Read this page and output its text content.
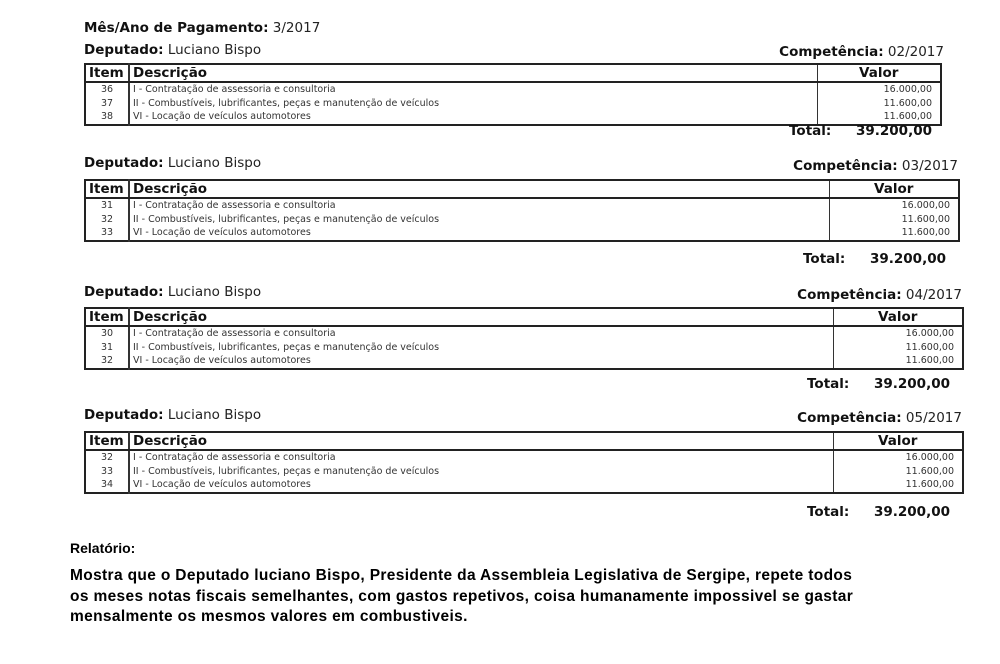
Mês/Ano de Pagamento: 3/2017
Deputado: Luciano Bispo	Competência: 02/2017
Item	Descrição	Valor
36	I - Contratação de assessoria e consultoria	16.000,00
37	II - Combustíveis, lubrificantes, peças e manutenção de veículos	11.600,00
38	VI - Locação de veículos automotores	11.600,00
Total: 39.200,00
Deputado: Luciano Bispo	Competência: 03/2017
Item	Descrição	Valor
31	I - Contratação de assessoria e consultoria	16.000,00
32	II - Combustíveis, lubrificantes, peças e manutenção de veículos	11.600,00
33	VI - Locação de veículos automotores	11.600,00
Total: 39.200,00
Deputado: Luciano Bispo	Competência: 04/2017
Item	Descrição	Valor
30	I - Contratação de assessoria e consultoria	16.000,00
31	II - Combustíveis, lubrificantes, peças e manutenção de veículos	11.600,00
32	VI - Locação de veículos automotores	11.600,00
Total: 39.200,00
Deputado: Luciano Bispo	Competência: 05/2017
Item	Descrição	Valor
32	I - Contratação de assessoria e consultoria	16.000,00
33	II - Combustíveis, lubrificantes, peças e manutenção de veículos	11.600,00
34	VI - Locação de veículos automotores	11.600,00
Total: 39.200,00
Relatório:
Mostra que o Deputado luciano Bispo, Presidente da Assembleia Legislativa de Sergipe, repete todos os meses notas fiscais semelhantes, com gastos repetivos, coisa humanamente impossivel se gastar mensalmente os mesmos valores em combustiveis.
